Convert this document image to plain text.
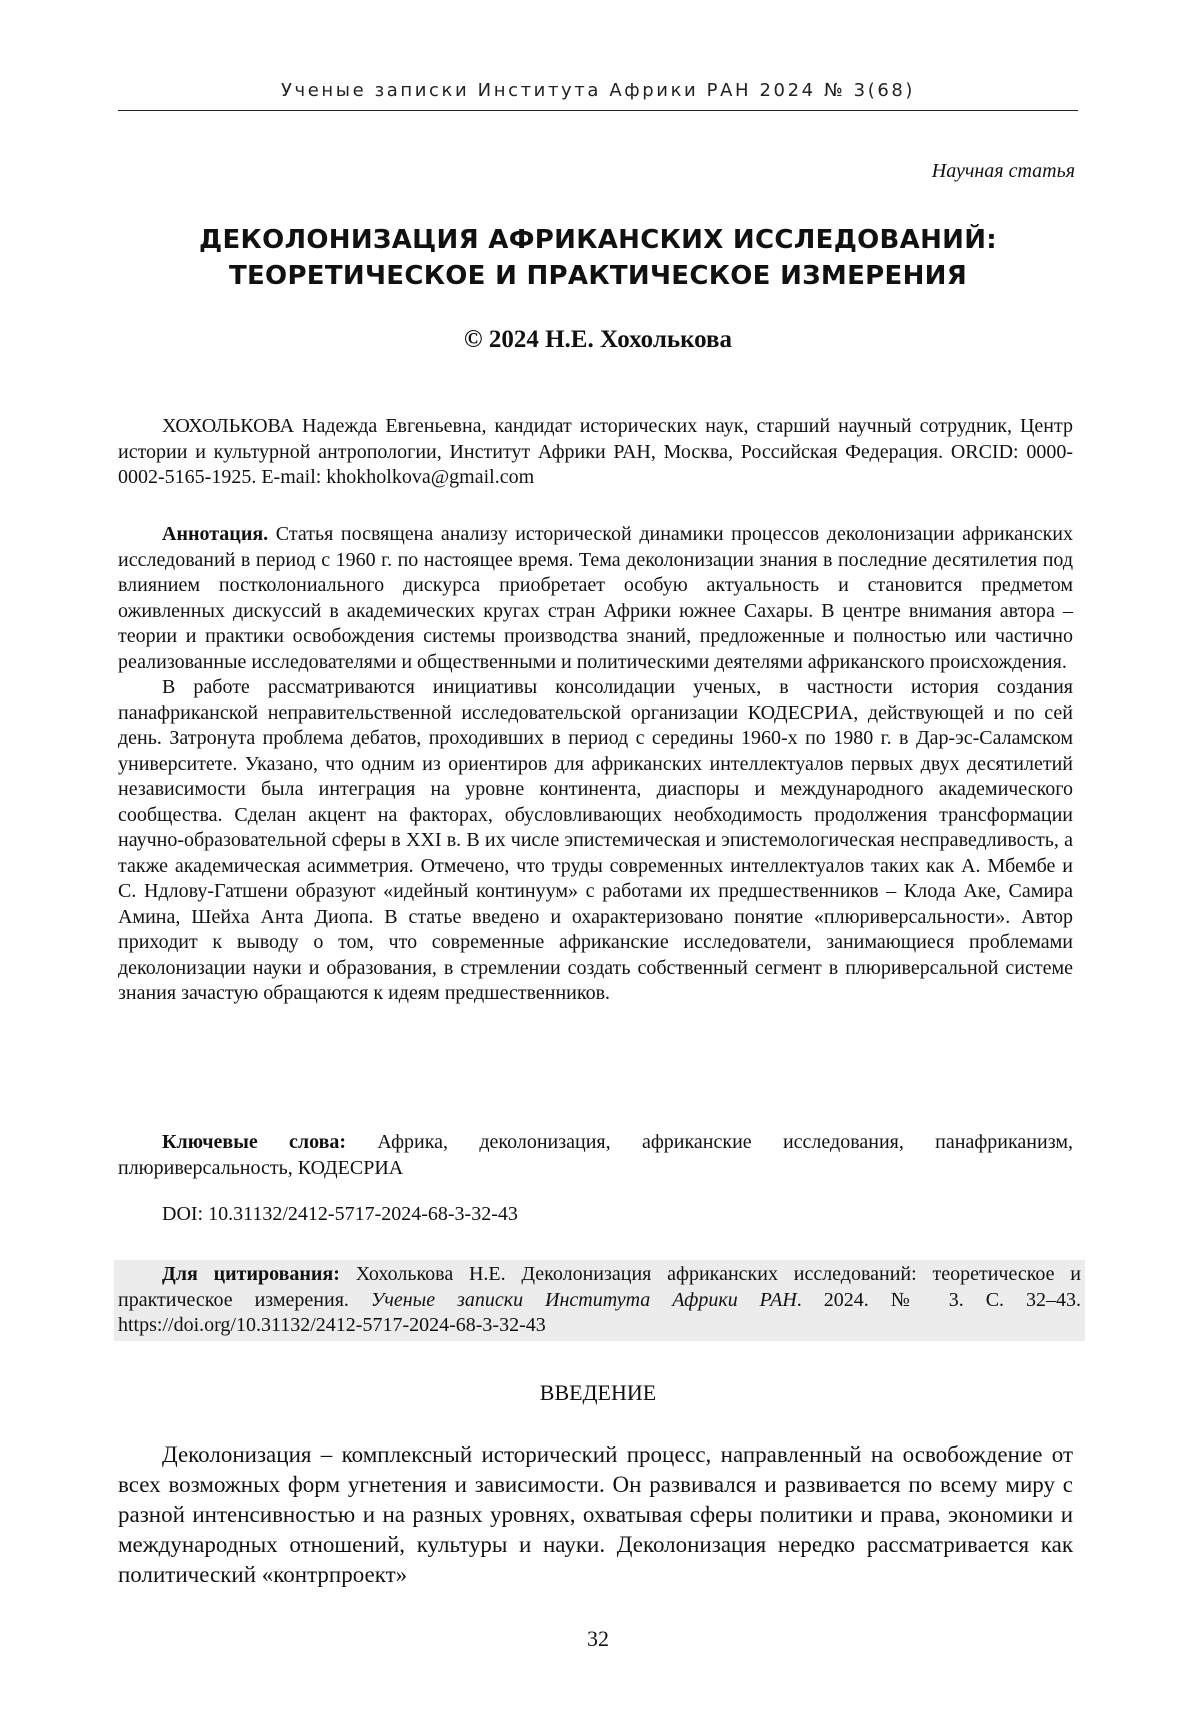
Ученые записки Института Африки РАН 2024 № 3(68)
Научная статья
ДЕКОЛОНИЗАЦИЯ АФРИКАНСКИХ ИССЛЕДОВАНИЙ:
ТЕОРЕТИЧЕСКОЕ И ПРАКТИЧЕСКОЕ ИЗМЕРЕНИЯ
© 2024 Н.Е. Хохолькова

ХОХОЛЬКОВА Надежда Евгеньевна, кандидат исторических наук, старший научный сотрудник, Центр истории и культурной антропологии, Институт Африки РАН, Москва, Российская Федерация. ORCID: 0000-0002-5165-1925. E-mail: khokholkova@gmail.com

Аннотация. Статья посвящена анализу исторической динамики процессов деколонизации африканских исследований в период с 1960 г. по настоящее время. Тема деколонизации знания в последние десятилетия под влиянием постколониального дискурса приобретает особую актуальность и становится предметом оживленных дискуссий в академических кругах стран Африки южнее Сахары. В центре внимания автора – теории и практики освобождения системы производства знаний, предложенные и полностью или частично реализованные исследователями и общественными и политическими деятелями африканского происхождения.

В работе рассматриваются инициативы консолидации ученых, в частности история создания панафриканской неправительственной исследовательской организации КОДЕСРИА, действующей и по сей день. Затронута проблема дебатов, проходивших в период с середины 1960-х по 1980 г. в Дар-эс-Саламском университете. Указано, что одним из ориентиров для африканских интеллектуалов первых двух десятилетий независимости была интеграция на уровне континента, диаспоры и международного академического сообщества. Сделан акцент на факторах, обусловливающих необходимость продолжения трансформации научно-образовательной сферы в XXI в. В их числе эпистемическая и эпистемологическая несправедливость, а также академическая асимметрия. Отмечено, что труды современных интеллектуалов таких как А. Мбембе и С. Ндлову-Гатшени образуют «идейный континуум» с работами их предшественников – Клода Аке, Самира Амина, Шейха Анта Диопа. В статье введено и охарактеризовано понятие «плюриверсальности». Автор приходит к выводу о том, что современные африканские исследователи, занимающиеся проблемами деколонизации науки и образования, в стремлении создать собственный сегмент в плюриверсальной системе знания зачастую обращаются к идеям предшественников.

Ключевые слова: Африка, деколонизация, африканские исследования, панафриканизм, плюриверсальность, КОДЕСРИА

DOI: 10.31132/2412-5717-2024-68-3-32-43

Для цитирования: Хохолькова Н.Е. Деколонизация африканских исследований: теоретическое и практическое измерения. Ученые записки Института Африки РАН. 2024. № 3. С. 32–43. https://doi.org/10.31132/2412-5717-2024-68-3-32-43

ВВЕДЕНИЕ

Деколонизация – комплексный исторический процесс, направленный на освобождение от всех возможных форм угнетения и зависимости. Он развивался и развивается по всему миру с разной интенсивностью и на разных уровнях, охватывая сферы политики и права, экономики и международных отношений, культуры и науки. Деколонизация нередко рассматривается как политический «контрпроект»

32
